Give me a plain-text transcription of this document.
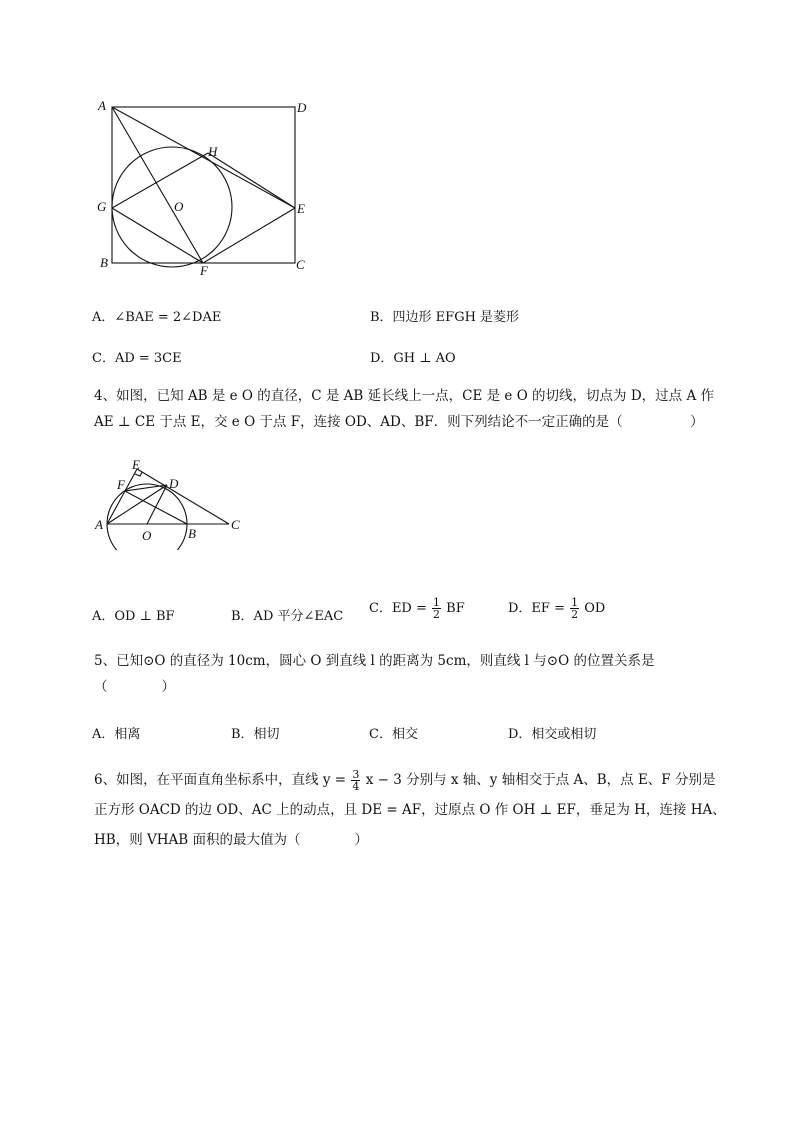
A	D
H
G	O	E
B
F	C
A．∠BAE = 2∠DAE	B．四边形 EFGH 是菱形
C．AD = 3CE	D．GH ⊥ AO

4、如图，已知 AB 是 e O 的直径，C 是 AB 延长线上一点，CE 是 e O 的切线，切点为 D，过点 A 作

AE ⊥ CE 于点 E，交 e O 于点 F，连接 OD、AD、BF．则下列结论不一定正确的是（　　　　　）

E
F	D
A
O	B
C
A．OD ⊥ BF	B．AD 平分∠EAC
C．ED = $\frac{1}{2}$ BF	D．EF = $\frac{1}{2}$ OD

5、已知⊙O 的直径为 10cm，圆心 O 到直线 l 的距离为 5cm，则直线 l 与⊙O 的位置关系是

（　　　　）

A．相离	B．相切	C．相交	D．相交或相切

6、如图，在平面直角坐标系中，直线 $y = \frac{3}{4}$ x − 3 分别与 x 轴、y 轴相交于点 A、B，点 E、F 分别是

正方形 OACD 的边 OD、AC 上的动点，且 DE = AF，过原点 O 作 OH ⊥ EF，垂足为 H，连接 HA、

HB，则 VHAB 面积的最大值为（　　　　）
